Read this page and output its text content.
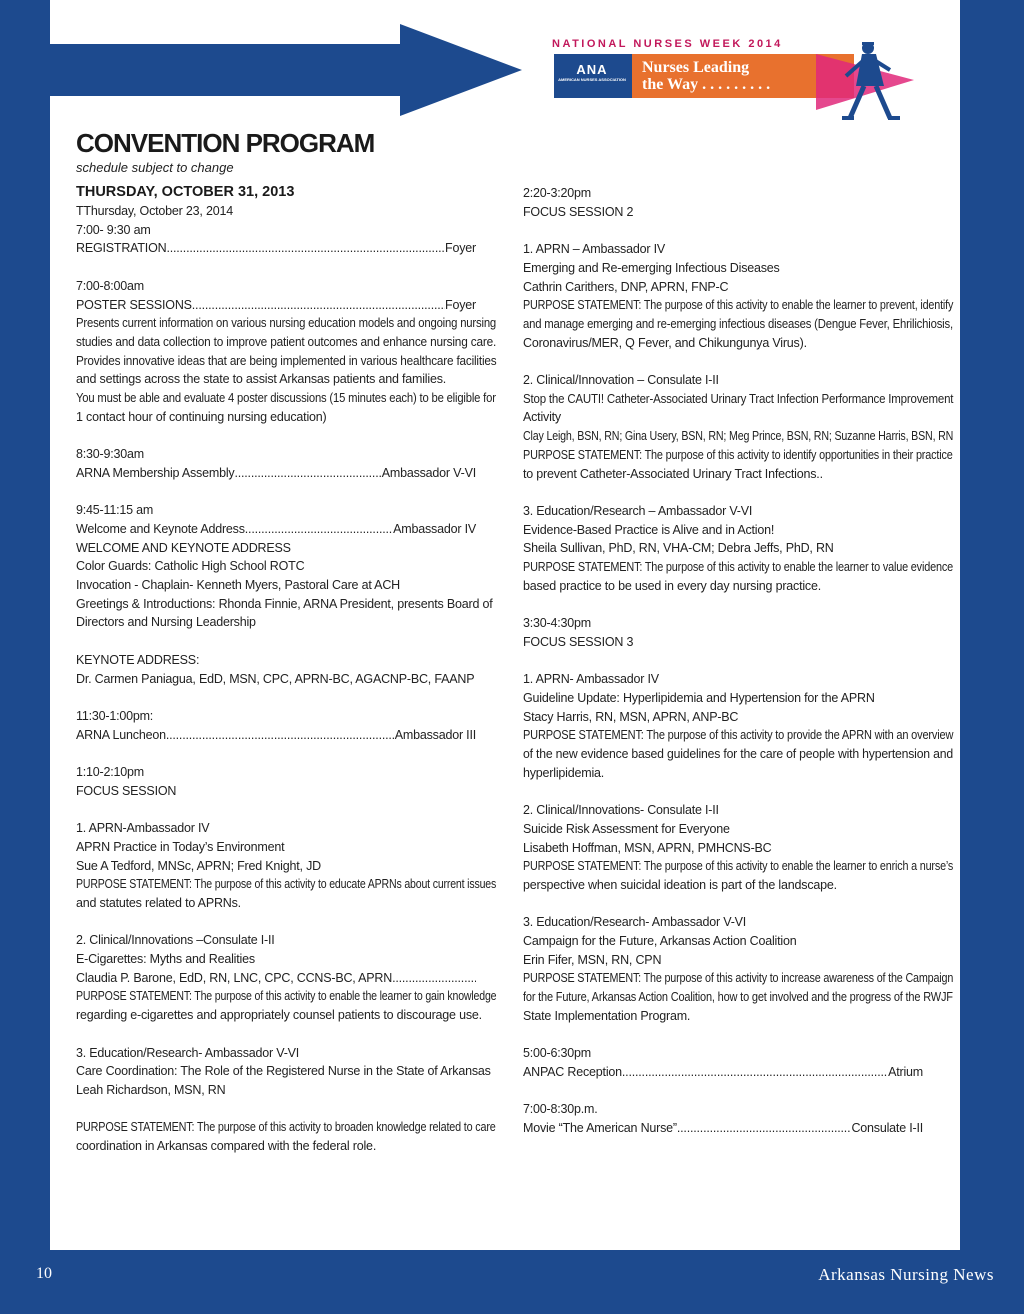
NATIONAL NURSES WEEK 2014
ANA
AMERICAN NURSES ASSOCIATION
Nurses Leading
the Way . . . . . . . . .
CONVENTION PROGRAM
schedule subject to change
THURSDAY, OCTOBER 31, 2013
TThursday, October 23, 2014
7:00- 9:30 am
REGISTRATION .....	Foyer
7:00-8:00am
POSTER SESSIONS .....	Foyer
Presents current information on various nursing education models and ongoing nursing
studies and data collection to improve patient outcomes and enhance nursing care.
Provides innovative ideas that are being implemented in various healthcare facilities
and settings across the state to assist Arkansas patients and families.
You must be able and evaluate 4 poster discussions (15 minutes each) to be eligible for
1 contact hour of continuing nursing education)
8:30-9:30am
ARNA Membership Assembly .....	Ambassador V-VI
9:45-11:15 am
Welcome and Keynote Address .....	Ambassador IV
WELCOME AND KEYNOTE ADDRESS
Color Guards: Catholic High School ROTC
Invocation - Chaplain- Kenneth Myers, Pastoral Care at ACH
Greetings & Introductions: Rhonda Finnie, ARNA President, presents Board of
Directors and Nursing Leadership
KEYNOTE ADDRESS:
Dr. Carmen Paniagua, EdD, MSN, CPC, APRN-BC, AGACNP-BC, FAANP
11:30-1:00pm:
ARNA Luncheon .....	Ambassador III
1:10-2:10pm
FOCUS SESSION
1. APRN-Ambassador IV
APRN Practice in Today’s Environment
Sue A Tedford, MNSc, APRN; Fred Knight, JD
PURPOSE STATEMENT: The purpose of this activity to educate APRNs about current issues
and statutes related to APRNs.
2. Clinical/Innovations –Consulate I-II
E-Cigarettes: Myths and Realities
Claudia P. Barone, EdD, RN, LNC, CPC, CCNS-BC, APRN
.....
PURPOSE STATEMENT: The purpose of this activity to enable the learner to gain knowledge
regarding e-cigarettes and appropriately counsel patients to discourage use.
3. Education/Research- Ambassador V-VI
Care Coordination: The Role of the Registered Nurse in the State of Arkansas
Leah Richardson, MSN, RN
PURPOSE STATEMENT: The purpose of this activity to broaden knowledge related to care
coordination in Arkansas compared with the federal role.
2:20-3:20pm
FOCUS SESSION 2
1. APRN – Ambassador IV
Emerging and Re-emerging Infectious Diseases
Cathrin Carithers, DNP, APRN, FNP-C
PURPOSE STATEMENT: The purpose of this activity to enable the learner to prevent, identify
and manage emerging and re-emerging infectious diseases (Dengue Fever, Ehrilichiosis,
Coronavirus/MER, Q Fever, and Chikungunya Virus).
2. Clinical/Innovation – Consulate I-II
Stop the CAUTI! Catheter-Associated Urinary Tract Infection Performance Improvement
Activity
Clay Leigh, BSN, RN; Gina Usery, BSN, RN; Meg Prince, BSN, RN; Suzanne Harris, BSN, RN
PURPOSE STATEMENT: The purpose of this activity to identify opportunities in their practice
to prevent Catheter-Associated Urinary Tract Infections..
3. Education/Research – Ambassador V-VI
Evidence-Based Practice is Alive and in Action!
Sheila Sullivan, PhD, RN, VHA-CM; Debra Jeffs, PhD, RN
PURPOSE STATEMENT: The purpose of this activity to enable the learner to value evidence
based practice to be used in every day nursing practice.
3:30-4:30pm
FOCUS SESSION 3
1. APRN- Ambassador IV
Guideline Update: Hyperlipidemia and Hypertension for the APRN
Stacy Harris, RN, MSN, APRN, ANP-BC
PURPOSE STATEMENT: The purpose of this activity to provide the APRN with an overview
of the new evidence based guidelines for the care of people with hypertension and
hyperlipidemia.
2. Clinical/Innovations- Consulate I-II
Suicide Risk Assessment for Everyone
Lisabeth Hoffman, MSN, APRN, PMHCNS-BC
PURPOSE STATEMENT: The purpose of this activity to enable the learner to enrich a nurse’s
perspective when suicidal ideation is part of the landscape.
3. Education/Research- Ambassador V-VI
Campaign for the Future, Arkansas Action Coalition
Erin Fifer, MSN, RN, CPN
PURPOSE STATEMENT: The purpose of this activity to increase awareness of the Campaign
for the Future, Arkansas Action Coalition, how to get involved and the progress of the RWJF
State Implementation Program.
5:00-6:30pm
ANPAC Reception .....	Atrium
7:00-8:30p.m.
Movie “The American Nurse” .....	Consulate I-II
10	Arkansas Nursing News
